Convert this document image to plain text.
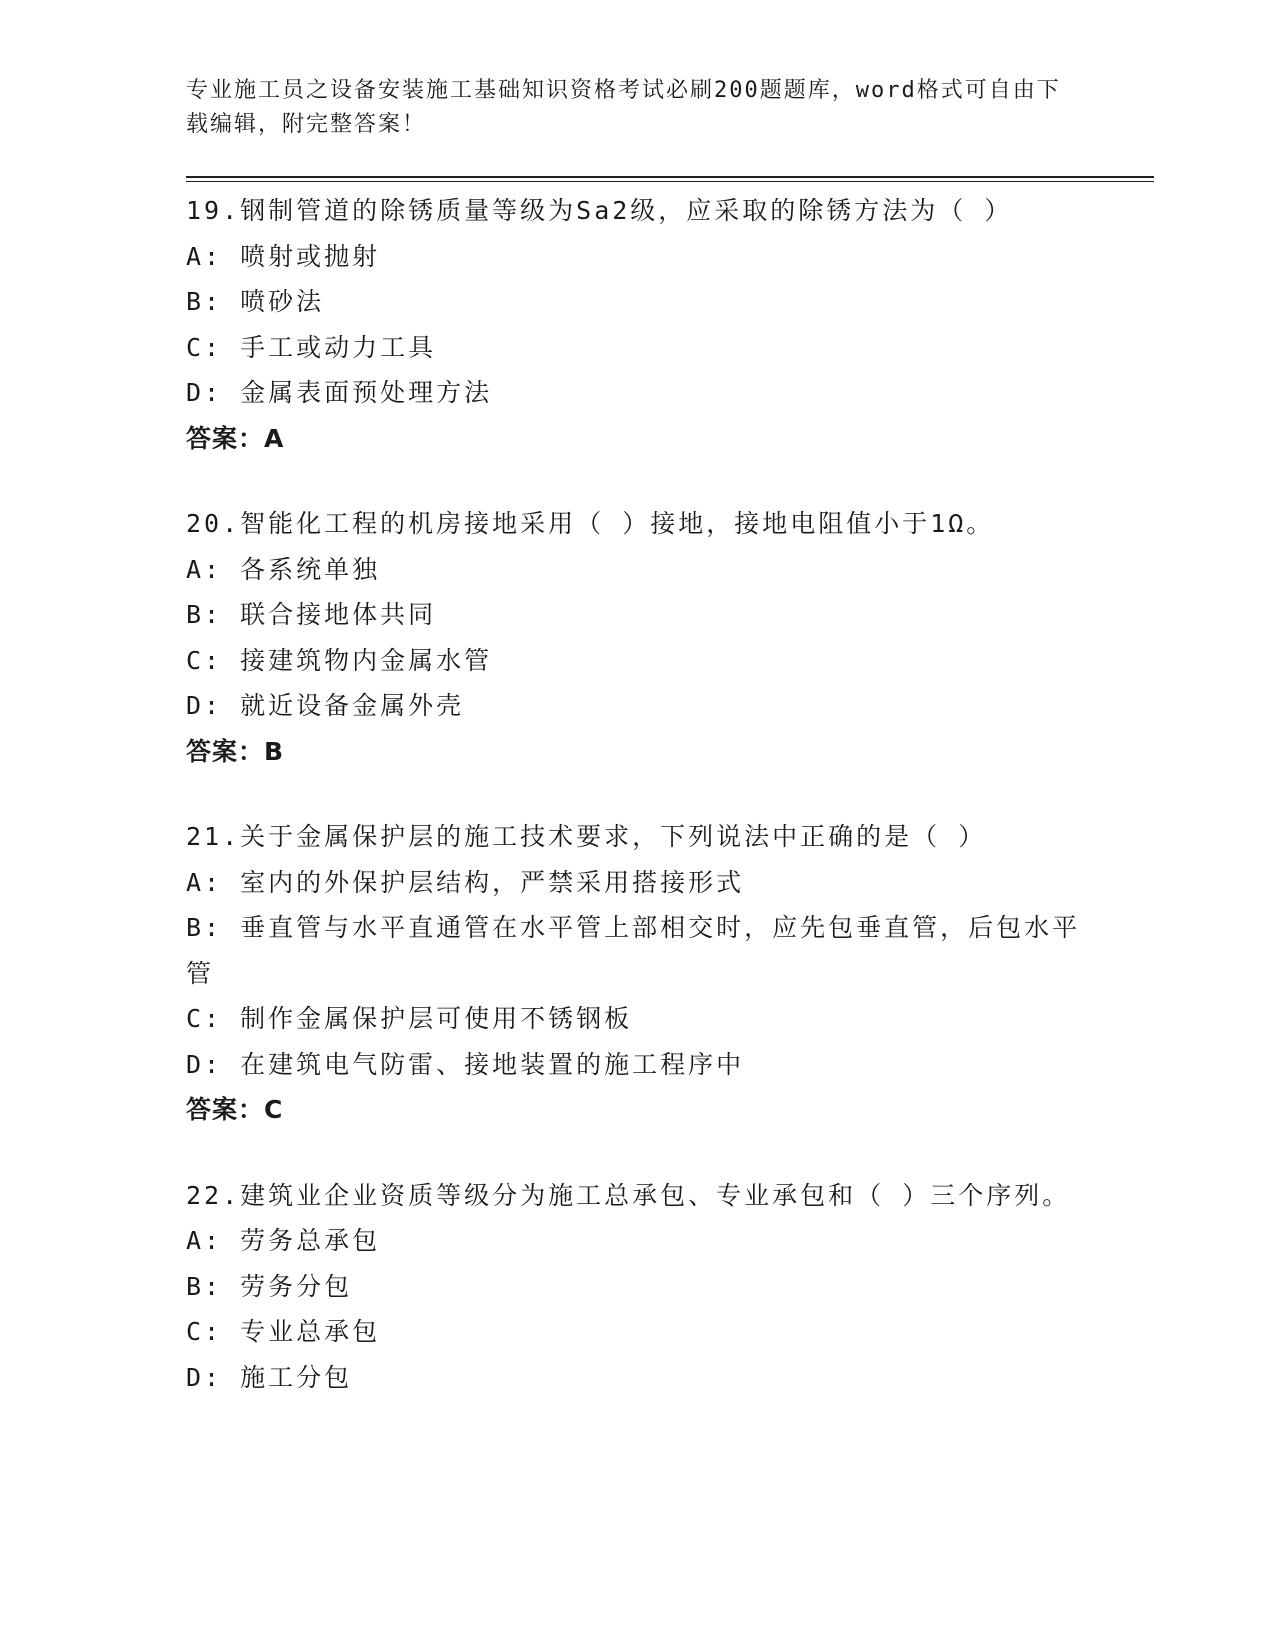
专业施工员之设备安装施工基础知识资格考试必刷200题题库，word格式可自由下载编辑，附完整答案！
19.钢制管道的除锈质量等级为Sa2级，应采取的除锈方法为（ ）
A: 喷射或抛射
B: 喷砂法
C: 手工或动力工具
D: 金属表面预处理方法
答案：A
20.智能化工程的机房接地采用（ ）接地，接地电阻值小于1Ω。
A: 各系统单独
B: 联合接地体共同
C: 接建筑物内金属水管
D: 就近设备金属外壳
答案：B
21.关于金属保护层的施工技术要求，下列说法中正确的是（ ）
A: 室内的外保护层结构，严禁采用搭接形式
B: 垂直管与水平直通管在水平管上部相交时，应先包垂直管，后包水平管
C: 制作金属保护层可使用不锈钢板
D: 在建筑电气防雷、接地装置的施工程序中
答案：C
22.建筑业企业资质等级分为施工总承包、专业承包和（ ）三个序列。
A: 劳务总承包
B: 劳务分包
C: 专业总承包
D: 施工分包
